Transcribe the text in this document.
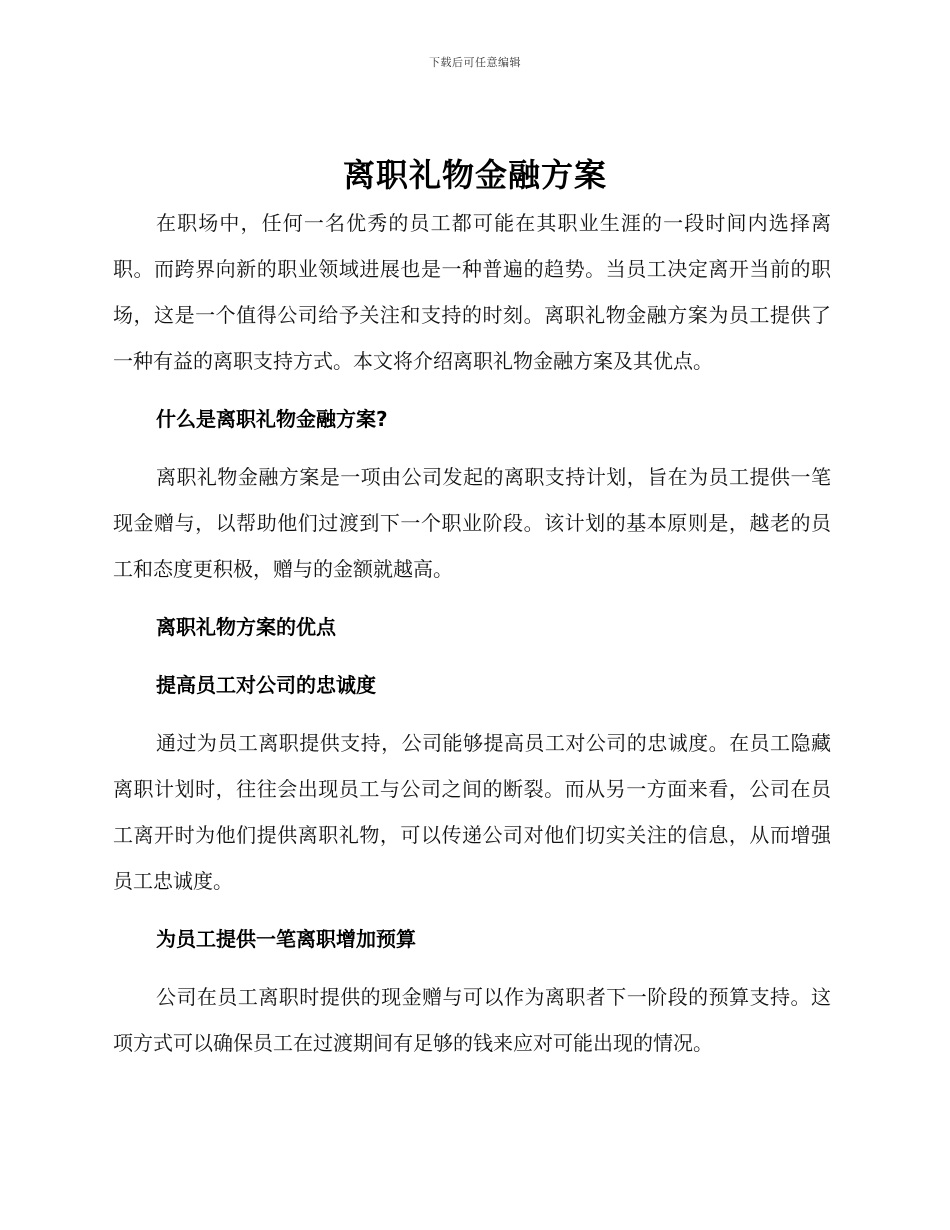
下载后可任意编辑
离职礼物金融方案

在职场中，任何一名优秀的员工都可能在其职业生涯的一段时间内选择离职。而跨界向新的职业领域进展也是一种普遍的趋势。当员工决定离开当前的职场，这是一个值得公司给予关注和支持的时刻。离职礼物金融方案为员工提供了一种有益的离职支持方式。本文将介绍离职礼物金融方案及其优点。

什么是离职礼物金融方案?

离职礼物金融方案是一项由公司发起的离职支持计划，旨在为员工提供一笔现金赠与，以帮助他们过渡到下一个职业阶段。该计划的基本原则是，越老的员工和态度更积极，赠与的金额就越高。

离职礼物方案的优点

提高员工对公司的忠诚度

通过为员工离职提供支持，公司能够提高员工对公司的忠诚度。在员工隐藏离职计划时，往往会出现员工与公司之间的断裂。而从另一方面来看，公司在员工离开时为他们提供离职礼物，可以传递公司对他们切实关注的信息，从而增强员工忠诚度。

为员工提供一笔离职增加预算

公司在员工离职时提供的现金赠与可以作为离职者下一阶段的预算支持。这项方式可以确保员工在过渡期间有足够的钱来应对可能出现的情况。
